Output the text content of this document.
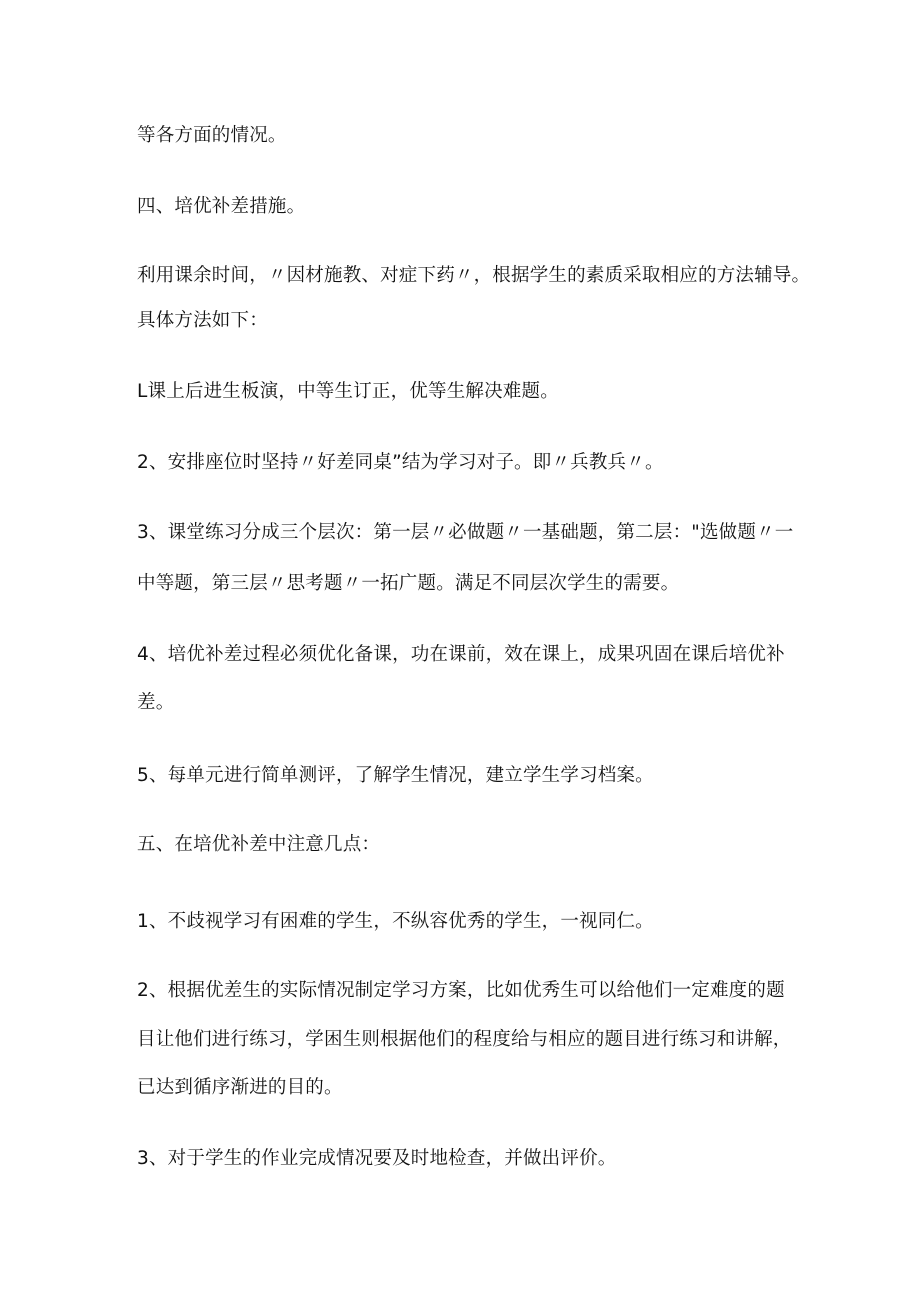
等各方面的情况。
四、培优补差措施。
利用课余时间，〃因材施教、对症下药〃，根据学生的素质采取相应的方法辅导。
具体方法如下：
L课上后进生板演，中等生订正，优等生解决难题。
2、安排座位时坚持〃好差同桌”结为学习对子。即〃兵教兵〃。
3、课堂练习分成三个层次：第一层〃必做题〃一基础题，第二层："选做题〃一
中等题，第三层〃思考题〃一拓广题。满足不同层次学生的需要。
4、培优补差过程必须优化备课，功在课前，效在课上，成果巩固在课后培优补
差。
5、每单元进行简单测评，了解学生情况，建立学生学习档案。
五、在培优补差中注意几点：
1、不歧视学习有困难的学生，不纵容优秀的学生，一视同仁。
2、根据优差生的实际情况制定学习方案，比如优秀生可以给他们一定难度的题
目让他们进行练习，学困生则根据他们的程度给与相应的题目进行练习和讲解，
已达到循序渐进的目的。
3、对于学生的作业完成情况要及时地检查，并做出评价。
